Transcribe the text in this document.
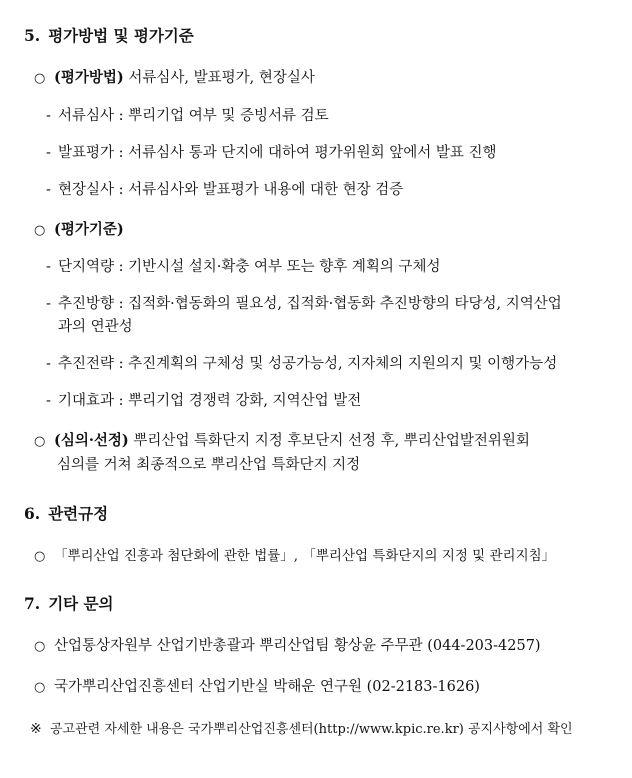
5. 평가방법 및 평가기준
○ (평가방법) 서류심사, 발표평가, 현장실사
- 서류심사 : 뿌리기업 여부 및 증빙서류 검토
- 발표평가 : 서류심사 통과 단지에 대하여 평가위원회 앞에서 발표 진행
- 현장실사 : 서류심사와 발표평가 내용에 대한 현장 검증
○ (평가기준)
- 단지역량 : 기반시설 설치·확충 여부 또는 향후 계획의 구체성
- 추진방향 : 집적화·협동화의 필요성, 집적화·협동화 추진방향의 타당성, 지역산업
과의 연관성
- 추진전략 : 추진계획의 구체성 및 성공가능성, 지자체의 지원의지 및 이행가능성
- 기대효과 : 뿌리기업 경쟁력 강화, 지역산업 발전
○ (심의·선정) 뿌리산업 특화단지 지정 후보단지 선정 후, 뿌리산업발전위원회
심의를 거쳐 최종적으로 뿌리산업 특화단지 지정
6. 관련규정
○ 「뿌리산업 진흥과 첨단화에 관한 법률」, 「뿌리산업 특화단지의 지정 및 관리지침」
7. 기타 문의
○ 산업통상자원부 산업기반총괄과 뿌리산업팀 황상윤 주무관 (044-203-4257)
○ 국가뿌리산업진흥센터 산업기반실 박해운 연구원 (02-2183-1626)
※ 공고관련 자세한 내용은 국가뿌리산업진흥센터(http://www.kpic.re.kr) 공지사항에서 확인
